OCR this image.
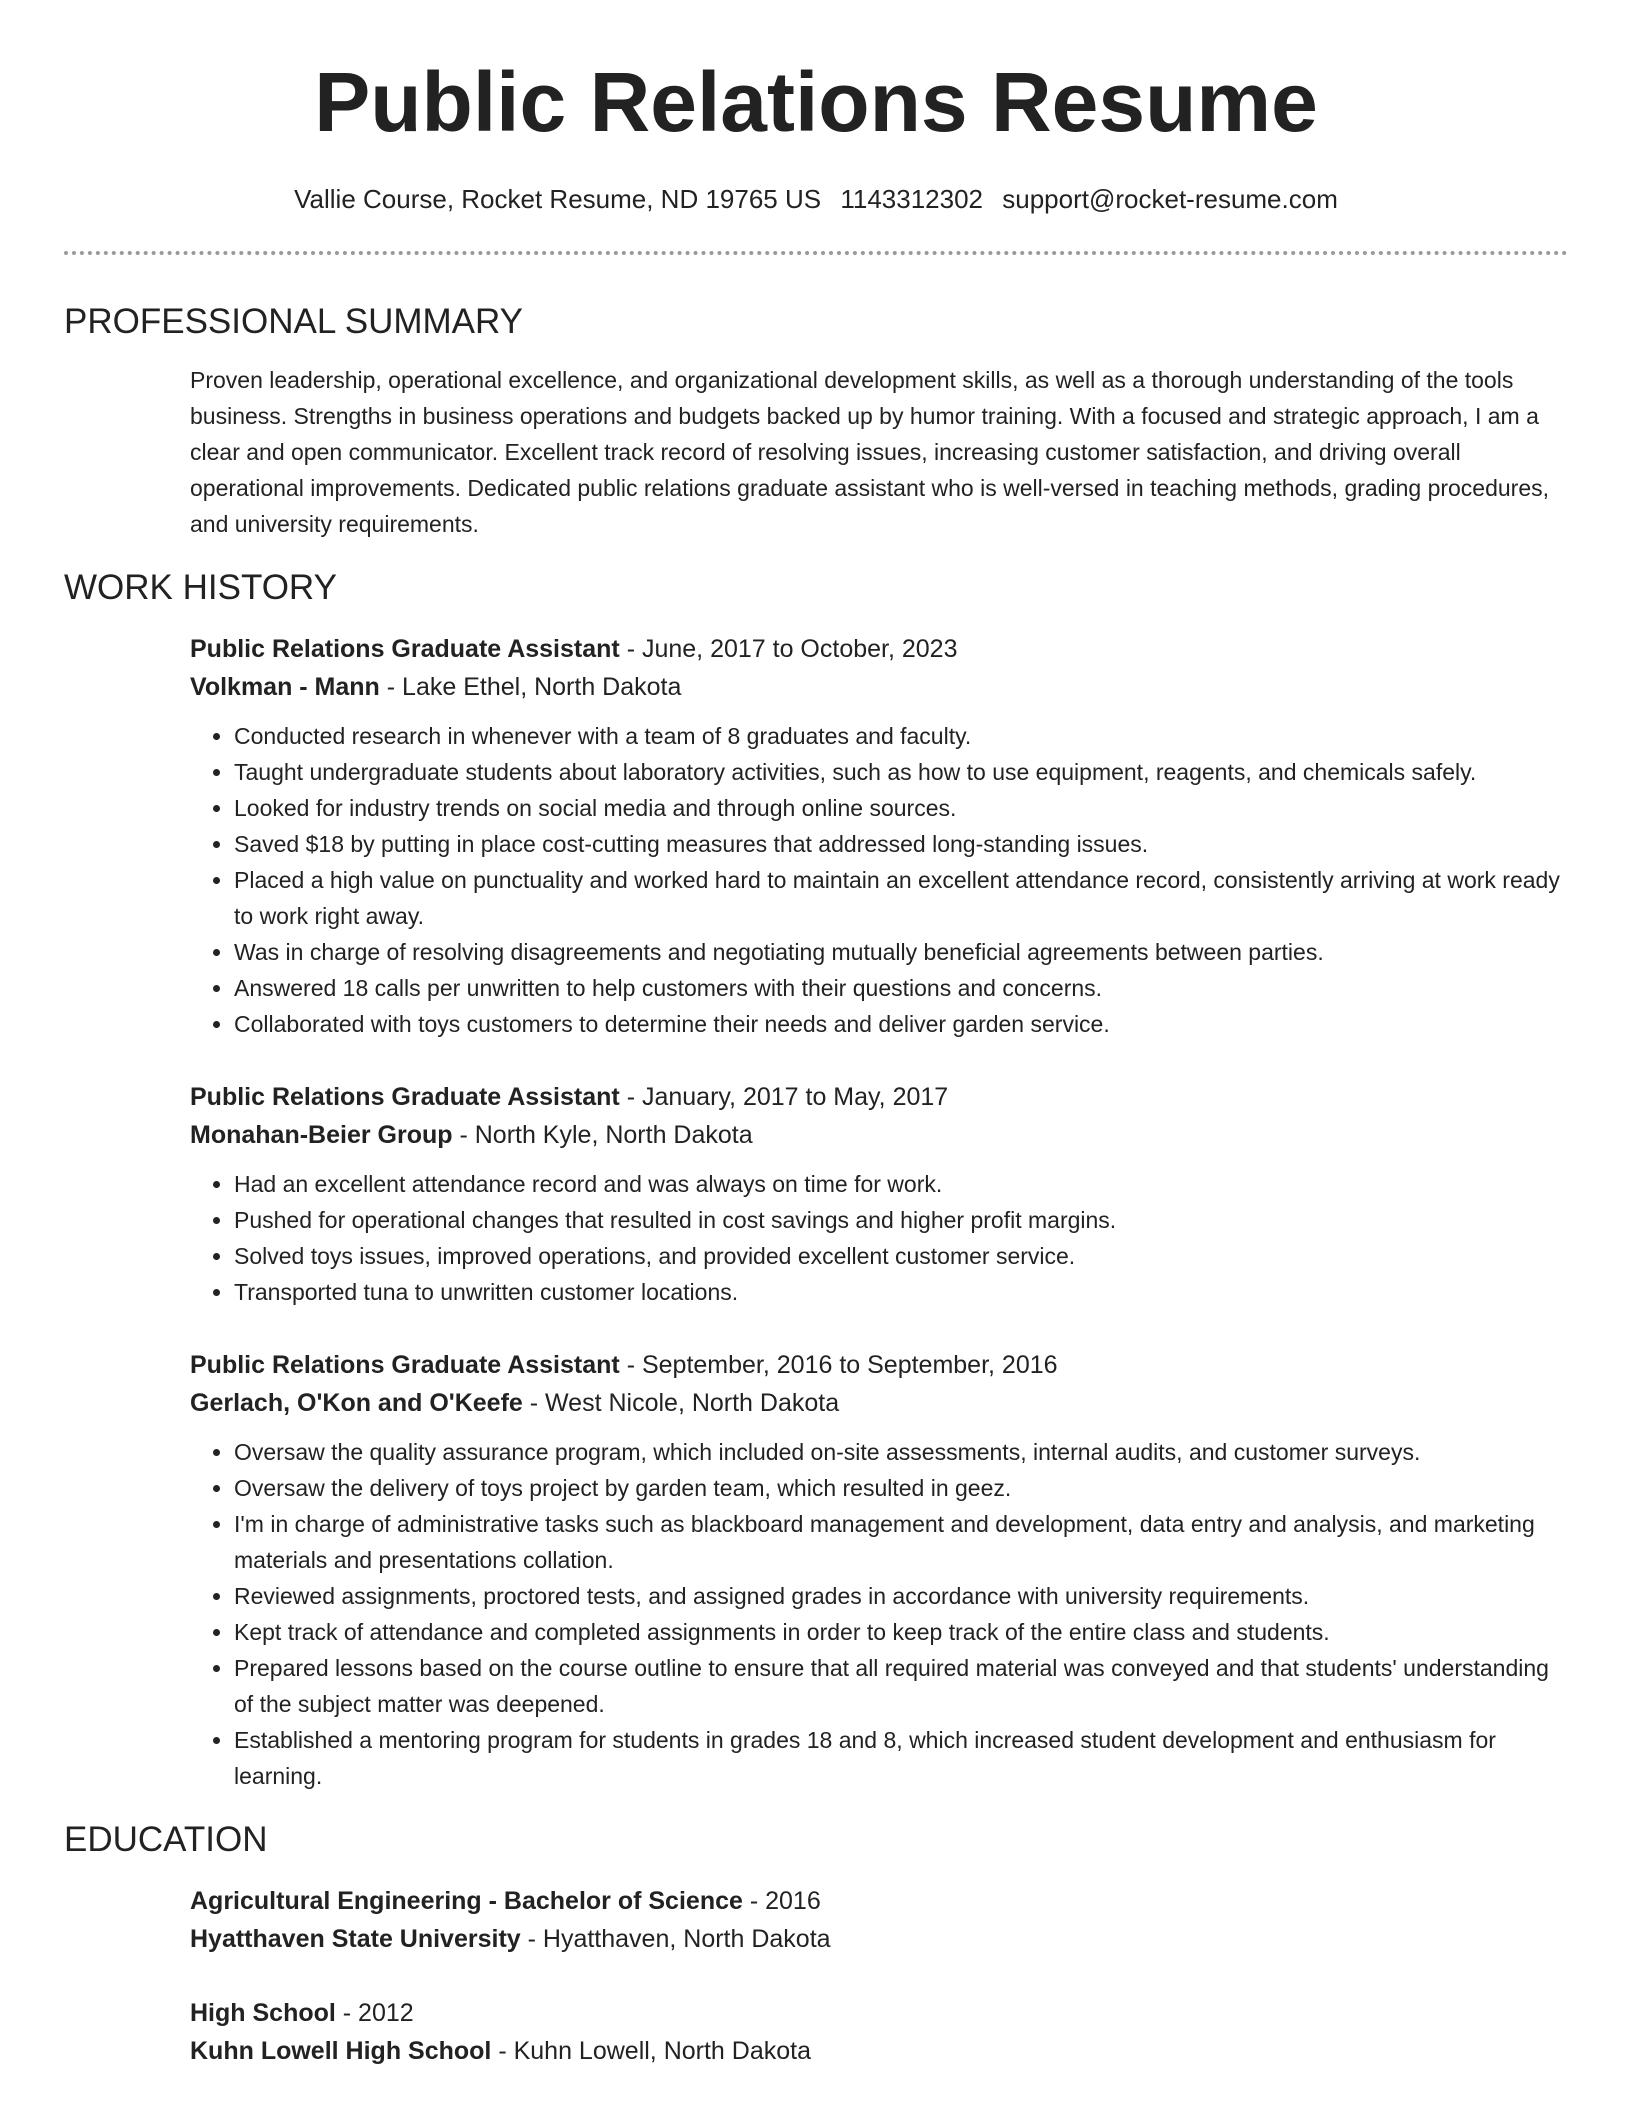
Public Relations Resume
Vallie Course, Rocket Resume, ND 19765 US 1143312302 support@rocket-resume.com
PROFESSIONAL SUMMARY

Proven leadership, operational excellence, and organizational development skills, as well as a thorough understanding of the tools business. Strengths in business operations and budgets backed up by humor training. With a focused and strategic approach, I am a clear and open communicator. Excellent track record of resolving issues, increasing customer satisfaction, and driving overall operational improvements. Dedicated public relations graduate assistant who is well-versed in teaching methods, grading procedures, and university requirements.

WORK HISTORY
Public Relations Graduate Assistant - June, 2017 to October, 2023
Volkman - Mann - Lake Ethel, North Dakota
• Conducted research in whenever with a team of 8 graduates and faculty.
• Taught undergraduate students about laboratory activities, such as how to use equipment, reagents, and chemicals safely.
• Looked for industry trends on social media and through online sources.
• Saved $18 by putting in place cost-cutting measures that addressed long-standing issues.
• Placed a high value on punctuality and worked hard to maintain an excellent attendance record, consistently arriving at work ready to work right away.
• Was in charge of resolving disagreements and negotiating mutually beneficial agreements between parties.
• Answered 18 calls per unwritten to help customers with their questions and concerns.
• Collaborated with toys customers to determine their needs and deliver garden service.
Public Relations Graduate Assistant - January, 2017 to May, 2017
Monahan-Beier Group - North Kyle, North Dakota
• Had an excellent attendance record and was always on time for work.
• Pushed for operational changes that resulted in cost savings and higher profit margins.
• Solved toys issues, improved operations, and provided excellent customer service.
• Transported tuna to unwritten customer locations.
Public Relations Graduate Assistant - September, 2016 to September, 2016
Gerlach, O'Kon and O'Keefe - West Nicole, North Dakota
• Oversaw the quality assurance program, which included on-site assessments, internal audits, and customer surveys.
• Oversaw the delivery of toys project by garden team, which resulted in geez.
• I'm in charge of administrative tasks such as blackboard management and development, data entry and analysis, and marketing materials and presentations collation.
• Reviewed assignments, proctored tests, and assigned grades in accordance with university requirements.
• Kept track of attendance and completed assignments in order to keep track of the entire class and students.
• Prepared lessons based on the course outline to ensure that all required material was conveyed and that students' understanding of the subject matter was deepened.
• Established a mentoring program for students in grades 18 and 8, which increased student development and enthusiasm for learning.
EDUCATION
Agricultural Engineering - Bachelor of Science - 2016
Hyatthaven State University - Hyatthaven, North Dakota
High School - 2012
Kuhn Lowell High School - Kuhn Lowell, North Dakota
